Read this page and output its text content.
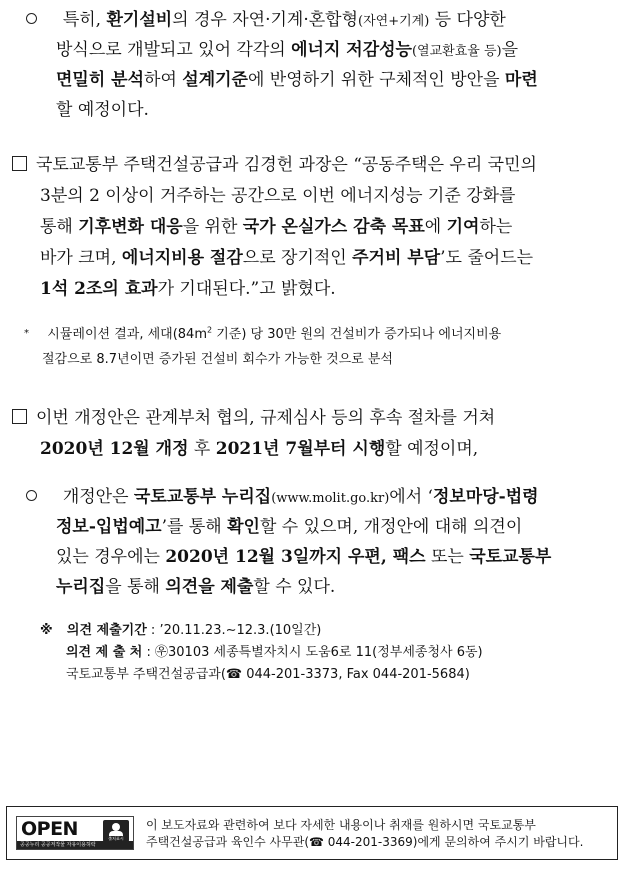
특히, 환기설비의 경우 자연·기계·혼합형(자연+기계) 등 다양한
방식으로 개발되고 있어 각각의 에너지 저감성능(열교환효율 등)을
면밀히 분석하여 설계기준에 반영하기 위한 구체적인 방안을 마련
할 예정이다.
국토교통부 주택건설공급과 김경헌 과장은 “공동주택은 우리 국민의
3분의 2 이상이 거주하는 공간으로 이번 에너지성능 기준 강화를
통해 기후변화 대응을 위한 국가 온실가스 감축 목표에 기여하는
바가 크며, 에너지비용 절감으로 장기적인 주거비 부담’도 줄어드는
1석 2조의 효과가 기대된다.”고 밝혔다.
* 시뮬레이션 결과, 세대($84m^2$ 기준) 당 30만 원의 건설비가 증가되나 에너지비용
절감으로 8.7년이면 증가된 건설비 회수가 가능한 것으로 분석
이번 개정안은 관계부처 협의, 규제심사 등의 후속 절차를 거쳐
2020년 12월 개정 후 2021년 7월부터 시행할 예정이며,
개정안은 국토교통부 누리집(www.molit.go.kr)에서 ‘정보마당-법령
정보-입법예고’를 통해 확인할 수 있으며, 개정안에 대해 의견이
있는 경우에는 2020년 12월 3일까지 우편, 팩스 또는 국토교통부
누리집을 통해 의견을 제출할 수 있다.
※ 의견 제출기간 : ’20.11.23.∼12.3.(10일간)
의견 제 출 처 : ㉾30103 세종특별자치시 도움6로 11(정부세종청사 6동)
국토교통부 주택건설공급과(☎ 044-201-3373, Fax 044-201-5684)
OPEN	출처표시
공공누리 공공저작물 자유이용허락
이 보도자료와 관련하여 보다 자세한 내용이나 취재를 원하시면 국토교통부
주택건설공급과 육인수 사무관(☎ 044-201-3369)에게 문의하여 주시기 바랍니다.
